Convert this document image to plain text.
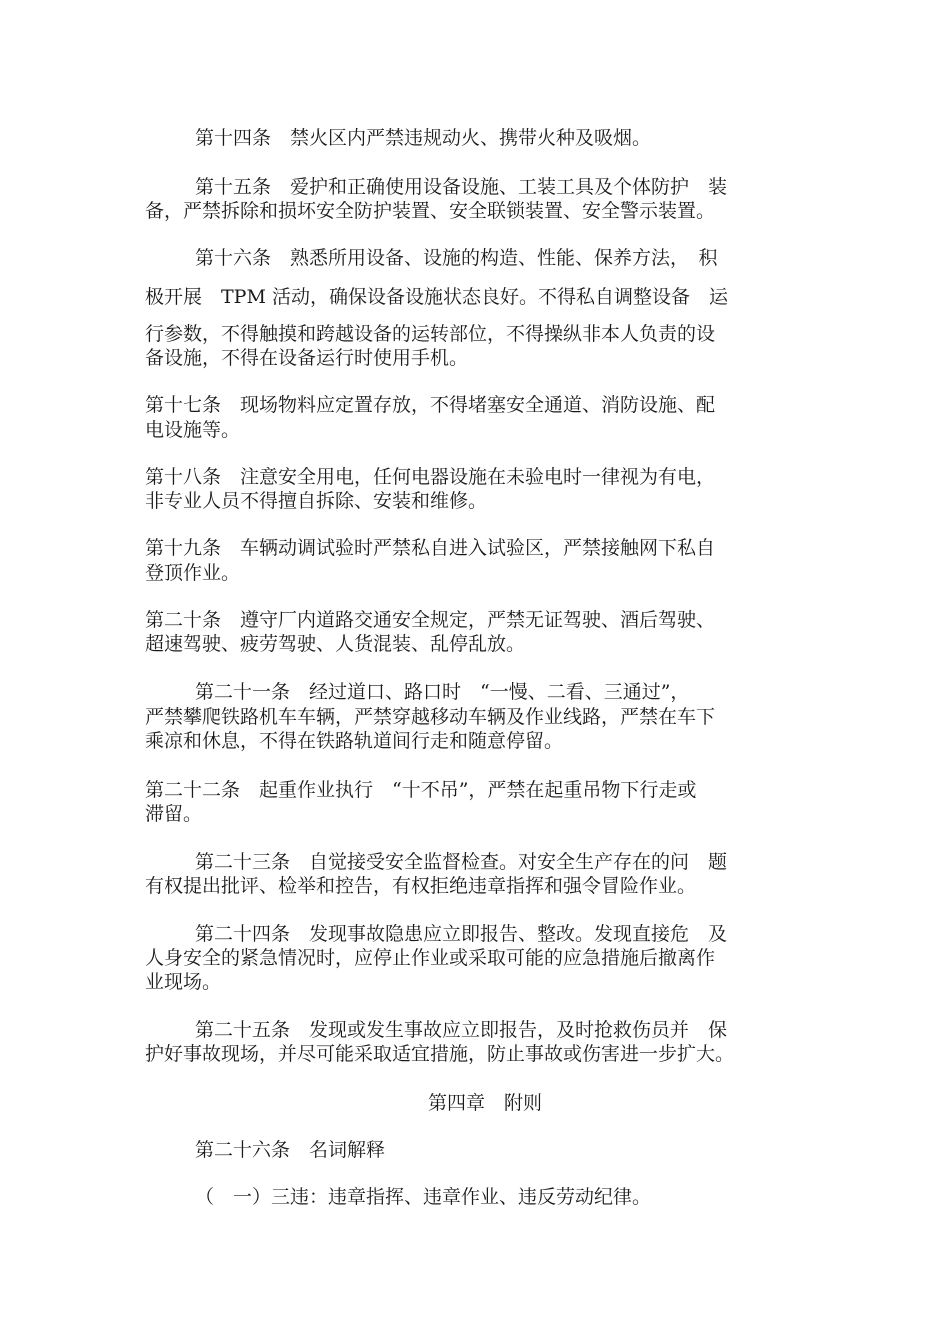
第十四条　禁火区内严禁违规动火、携带火种及吸烟。
第十五条　爱护和正确使用设备设施、工装工具及个体防护　装
备，严禁拆除和损坏安全防护装置、安全联锁装置、安全警示装置。
第十六条　熟悉所用设备、设施的构造、性能、保养方法，　积
极开展　TPM 活动，确保设备设施状态良好。不得私自调整设备　运
行参数，不得触摸和跨越设备的运转部位，不得操纵非本人负责的设
备设施，不得在设备运行时使用手机。
第十七条　现场物料应定置存放，不得堵塞安全通道、消防设施、配
电设施等。
第十八条　注意安全用电，任何电器设施在未验电时一律视为有电，
非专业人员不得擅自拆除、安装和维修。
第十九条　车辆动调试验时严禁私自进入试验区，严禁接触网下私自
登顶作业。
第二十条　遵守厂内道路交通安全规定，严禁无证驾驶、酒后驾驶、
超速驾驶、疲劳驾驶、人货混装、乱停乱放。
第二十一条　经过道口、路口时　“一慢、二看、三通过”，
严禁攀爬铁路机车车辆，严禁穿越移动车辆及作业线路，严禁在车下
乘凉和休息，不得在铁路轨道间行走和随意停留。
第二十二条　起重作业执行　“十不吊”，严禁在起重吊物下行走或
滞留。
第二十三条　自觉接受安全监督检查。对安全生产存在的问　题
有权提出批评、检举和控告，有权拒绝违章指挥和强令冒险作业。
第二十四条　发现事故隐患应立即报告、整改。发现直接危　及
人身安全的紧急情况时，应停止作业或采取可能的应急措施后撤离作
业现场。
第二十五条　发现或发生事故应立即报告，及时抢救伤员并　保
护好事故现场，并尽可能采取适宜措施，防止事故或伤害进一步扩大。
第四章　附则
第二十六条　名词解释
（　一）三违：违章指挥、违章作业、违反劳动纪律。
